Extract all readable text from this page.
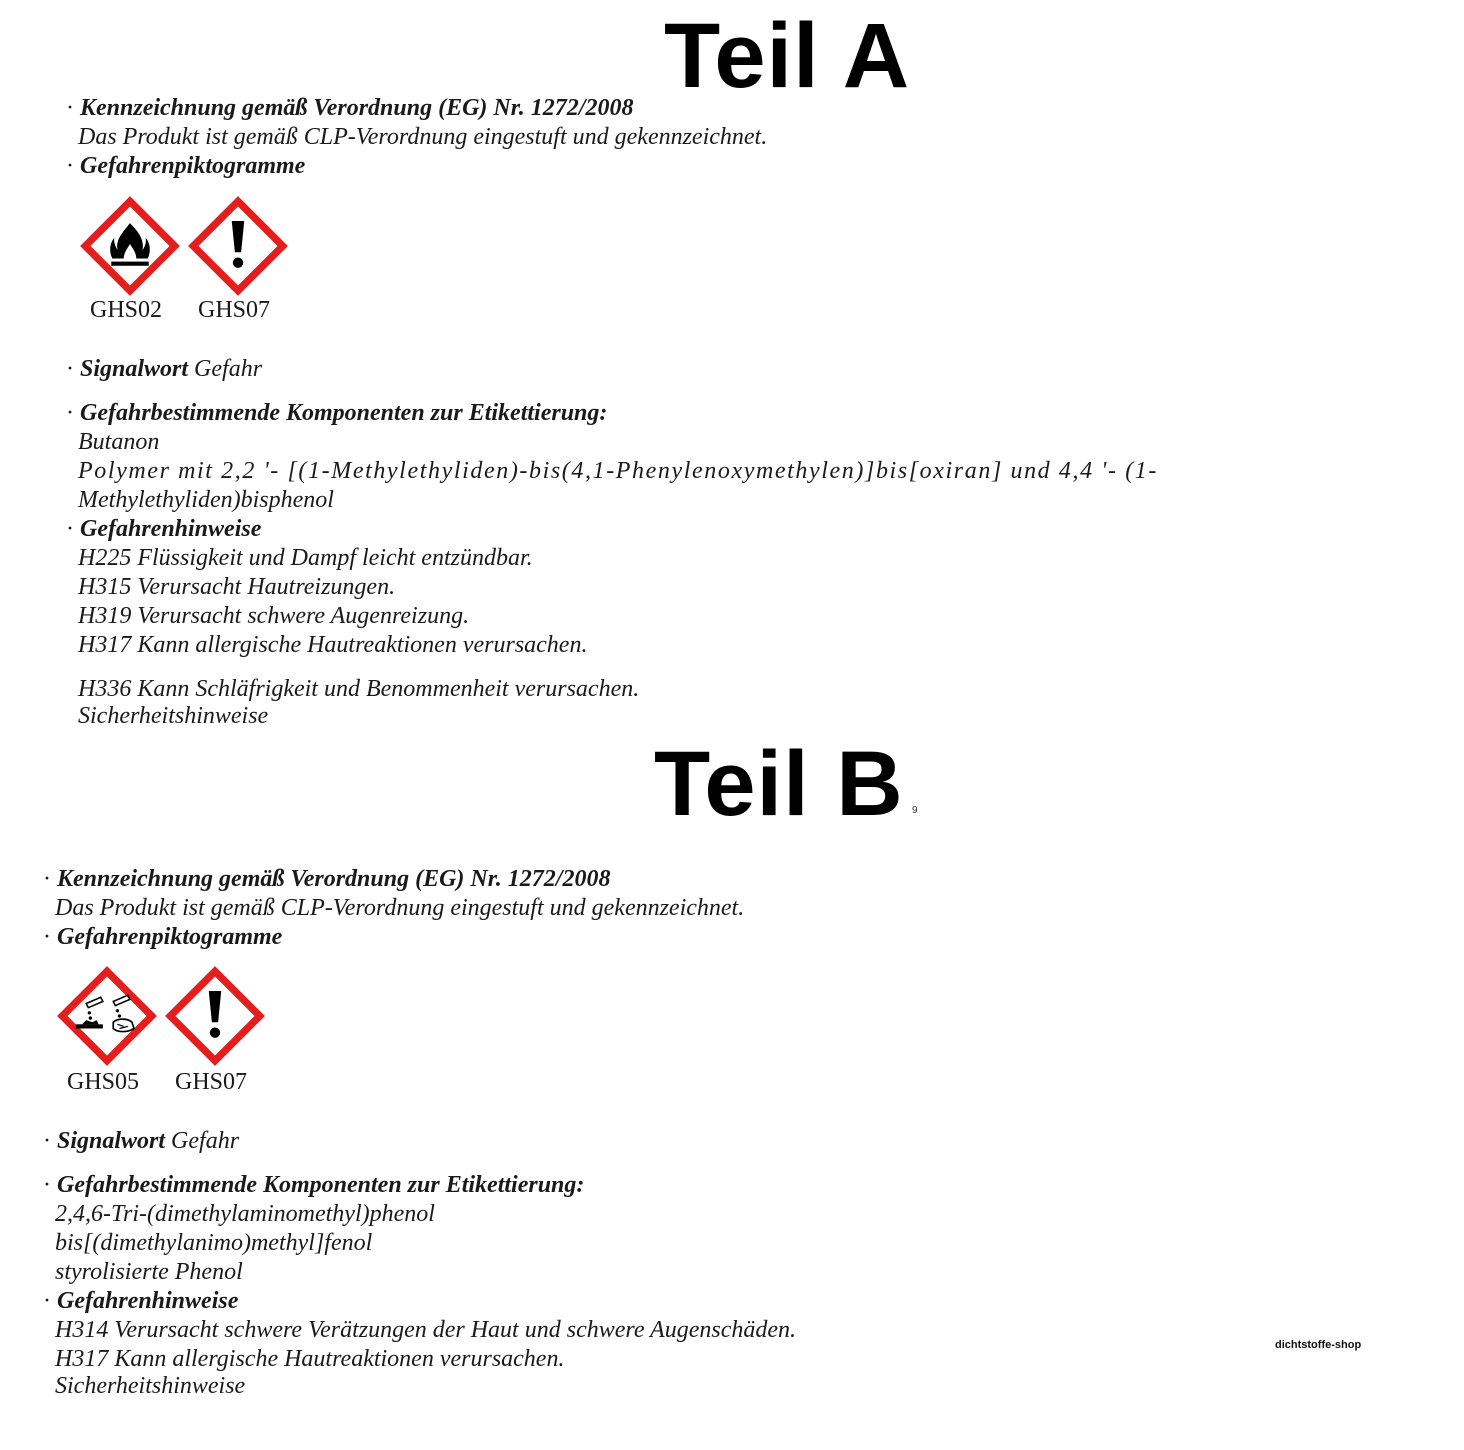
Teil A
· Kennzeichnung gemäß Verordnung (EG) Nr. 1272/2008
Das Produkt ist gemäß CLP-Verordnung eingestuft und gekennzeichnet.
· Gefahrenpiktogramme
GHS02 GHS07
· Signalwort Gefahr
· Gefahrbestimmende Komponenten zur Etikettierung:
Butanon
Polymer mit 2,2 '- [(1-Methylethyliden)-bis(4,1-Phenylenoxymethylen)]bis[oxiran] und 4,4 '- (1-
Methylethyliden)bisphenol
· Gefahrenhinweise
H225 Flüssigkeit und Dampf leicht entzündbar.
H315 Verursacht Hautreizungen.
H319 Verursacht schwere Augenreizung.
H317 Kann allergische Hautreaktionen verursachen.
H336 Kann Schläfrigkeit und Benommenheit verursachen.
Sicherheitshinweise
Teil B 9
· Kennzeichnung gemäß Verordnung (EG) Nr. 1272/2008
Das Produkt ist gemäß CLP-Verordnung eingestuft und gekennzeichnet.
· Gefahrenpiktogramme
GHS05 GHS07
· Signalwort Gefahr
· Gefahrbestimmende Komponenten zur Etikettierung:
2,4,6-Tri-(dimethylaminomethyl)phenol
bis[(dimethylanimo)methyl]fenol
styrolisierte Phenol
· Gefahrenhinweise
H314 Verursacht schwere Verätzungen der Haut und schwere Augenschäden.
H317 Kann allergische Hautreaktionen verursachen.
Sicherheitshinweise
dichtstoffe-shop
